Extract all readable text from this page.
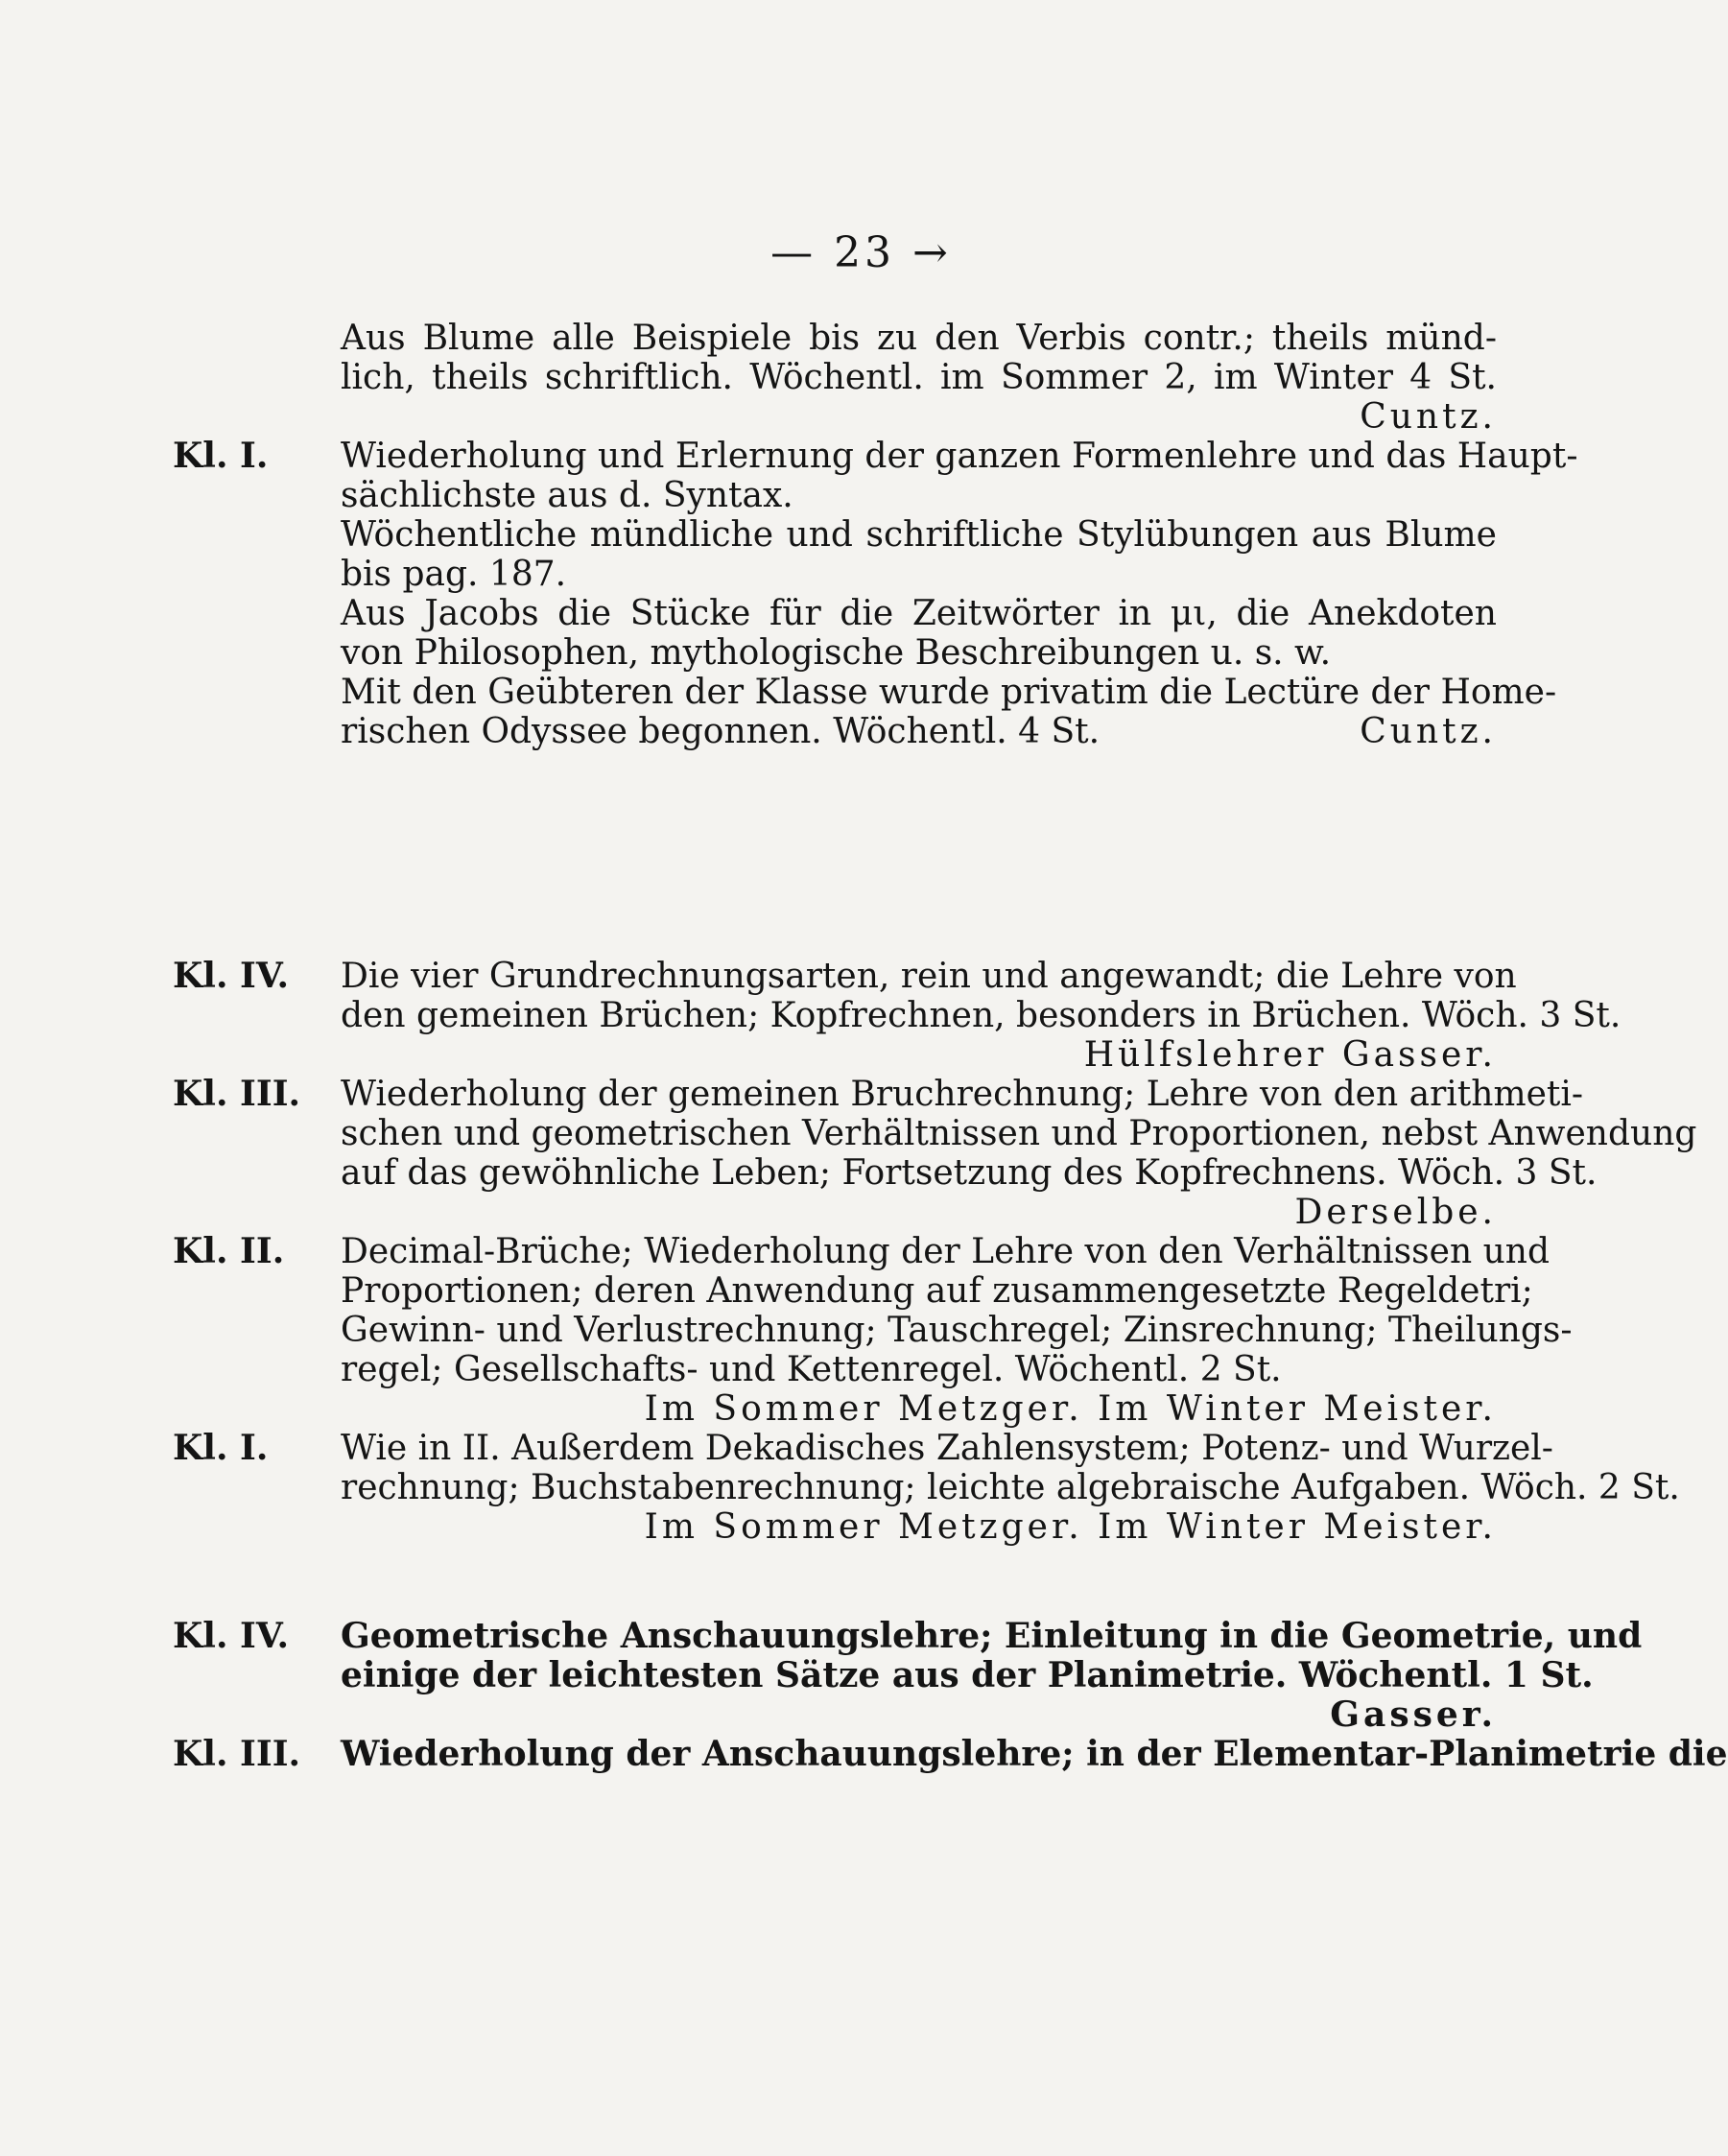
— 23 →
Aus Blume alle Beispiele bis zu den Verbis contr.; theils münd-
lich, theils schriftlich. Wöchentl. im Sommer 2, im Winter 4 St.
Cuntz.
Kl. I.	Wiederholung und Erlernung der ganzen Formenlehre und das Haupt-
sächlichste aus d. Syntax.
Wöchentliche mündliche und schriftliche Stylübungen aus Blume
bis pag. 187.
Aus Jacobs die Stücke für die Zeitwörter in μι, die Anekdoten
von Philosophen, mythologische Beschreibungen u. s. w.
Mit den Geübteren der Klasse wurde privatim die Lectüre der Home-
rischen Odyssee begonnen. Wöchentl. 4 St.	Cuntz.
Kl. IV.	Die vier Grundrechnungsarten, rein und angewandt; die Lehre von
den gemeinen Brüchen; Kopfrechnen, besonders in Brüchen. Wöch. 3 St.
Hülfslehrer Gasser.
Kl. III.	Wiederholung der gemeinen Bruchrechnung; Lehre von den arithmeti-
schen und geometrischen Verhältnissen und Proportionen, nebst Anwendung
auf das gewöhnliche Leben; Fortsetzung des Kopfrechnens. Wöch. 3 St.
Derselbe.
Kl. II.	Decimal-Brüche; Wiederholung der Lehre von den Verhältnissen und
Proportionen; deren Anwendung auf zusammengesetzte Regeldetri;
Gewinn- und Verlustrechnung; Tauschregel; Zinsrechnung; Theilungs-
regel; Gesellschafts- und Kettenregel. Wöchentl. 2 St.
Im Sommer Metzger. Im Winter Meister.
Kl. I.	Wie in II. Außerdem Dekadisches Zahlensystem; Potenz- und Wurzel-
rechnung; Buchstabenrechnung; leichte algebraische Aufgaben. Wöch. 2 St.
Im Sommer Metzger. Im Winter Meister.
Kl. IV.	Geometrische Anschauungslehre; Einleitung in die Geometrie, und
einige der leichtesten Sätze aus der Planimetrie. Wöchentl. 1 St.
Gasser.
Kl. III.	Wiederholung der Anschauungslehre; in der Elementar-Planimetrie die
